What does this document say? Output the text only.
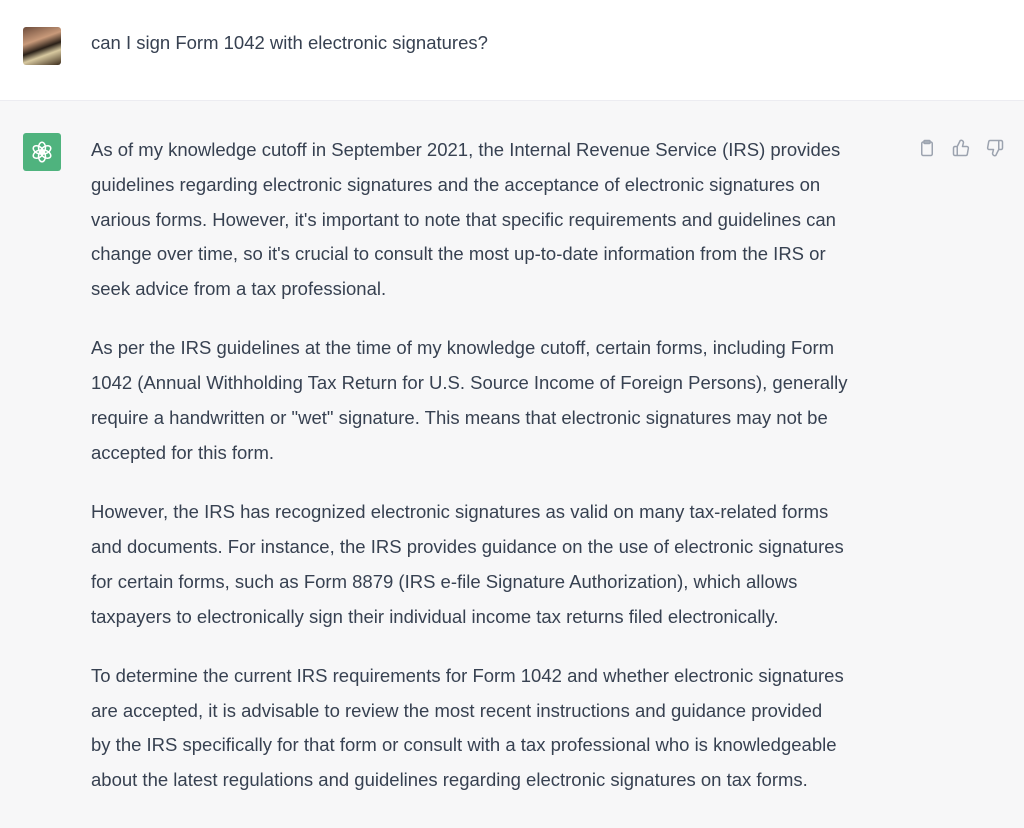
can I sign Form 1042 with electronic signatures?

As of my knowledge cutoff in September 2021, the Internal Revenue Service (IRS) provides
guidelines regarding electronic signatures and the acceptance of electronic signatures on
various forms. However, it's important to note that specific requirements and guidelines can
change over time, so it's crucial to consult the most up-to-date information from the IRS or
seek advice from a tax professional.

As per the IRS guidelines at the time of my knowledge cutoff, certain forms, including Form
1042 (Annual Withholding Tax Return for U.S. Source Income of Foreign Persons), generally
require a handwritten or "wet" signature. This means that electronic signatures may not be
accepted for this form.

However, the IRS has recognized electronic signatures as valid on many tax-related forms
and documents. For instance, the IRS provides guidance on the use of electronic signatures
for certain forms, such as Form 8879 (IRS e-file Signature Authorization), which allows
taxpayers to electronically sign their individual income tax returns filed electronically.

To determine the current IRS requirements for Form 1042 and whether electronic signatures
are accepted, it is advisable to review the most recent instructions and guidance provided
by the IRS specifically for that form or consult with a tax professional who is knowledgeable
about the latest regulations and guidelines regarding electronic signatures on tax forms.
